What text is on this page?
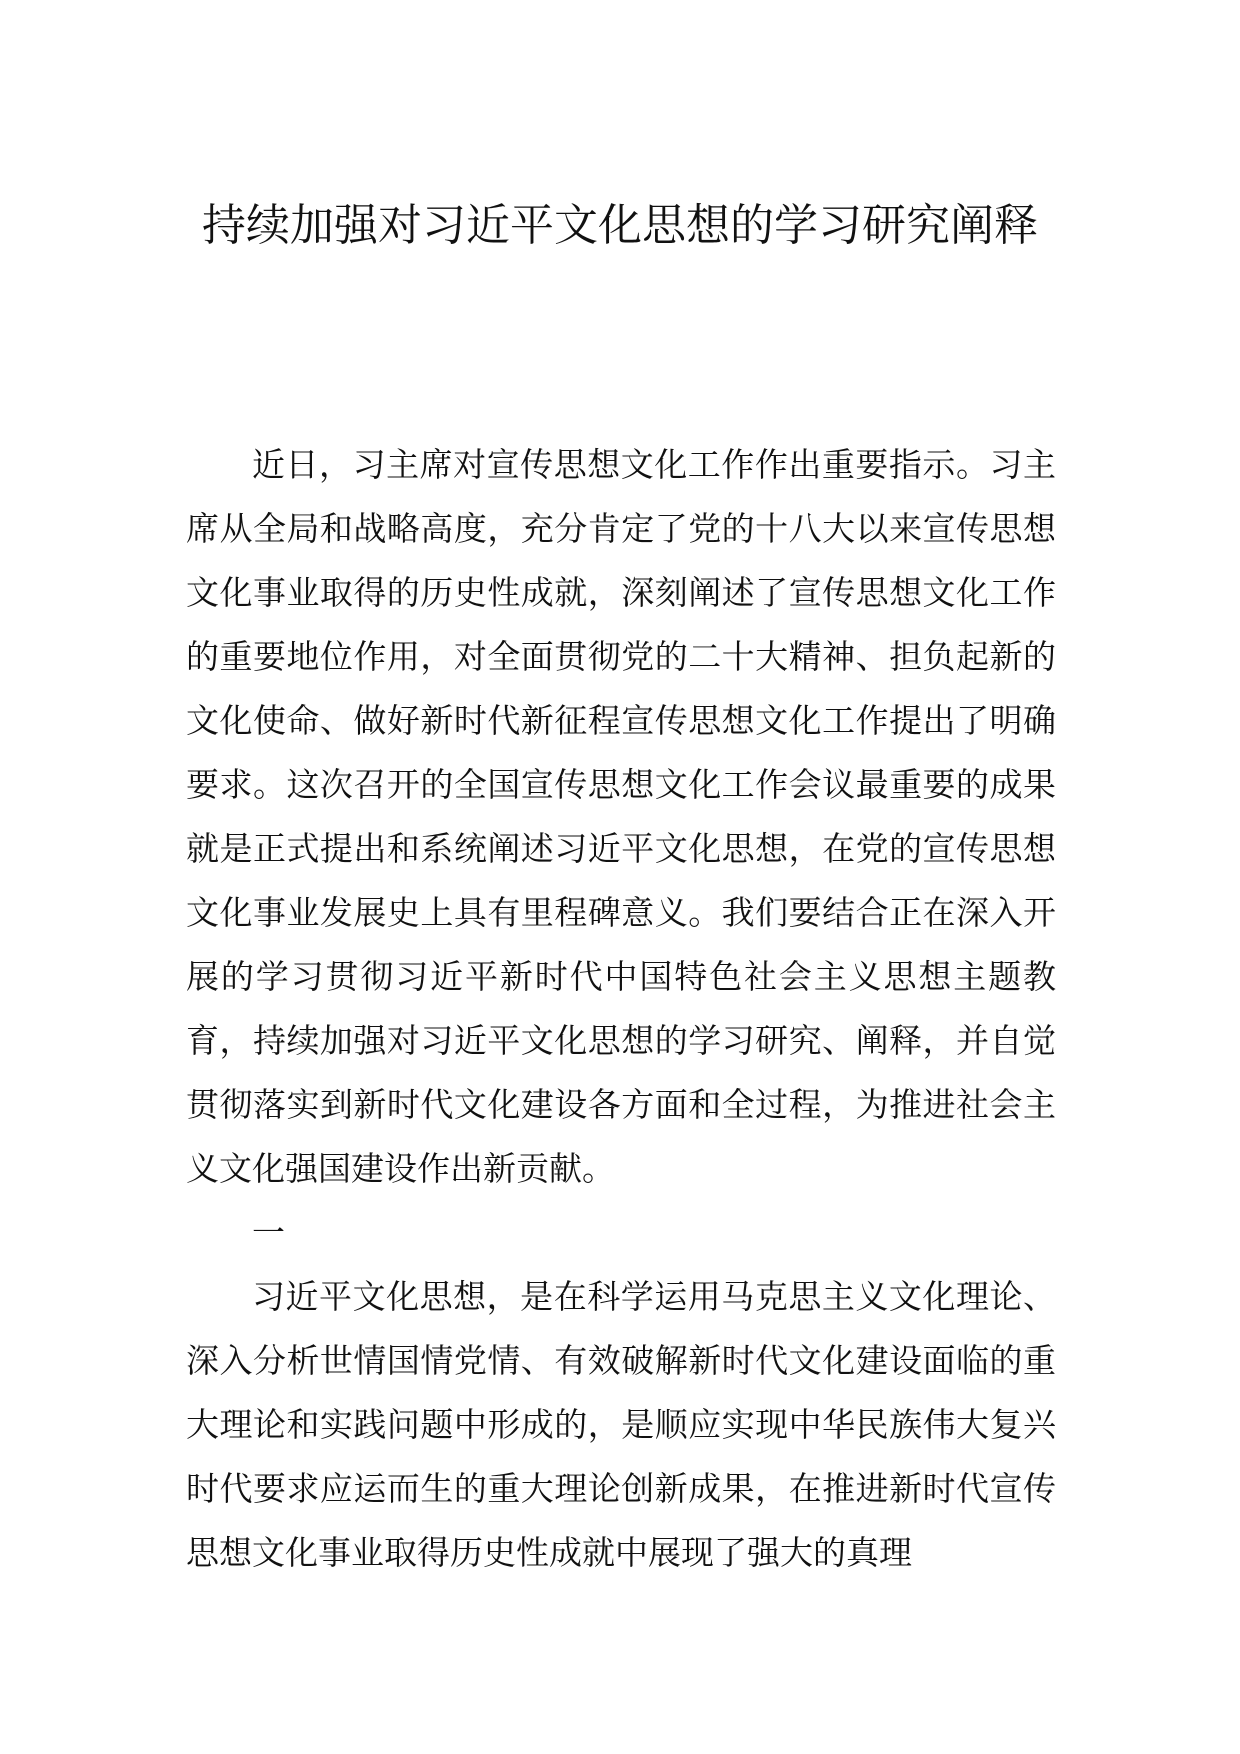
持续加强对习近平文化思想的学习研究阐释

近日，习主席对宣传思想文化工作作出重要指示。习主席从全局和战略高度，充分肯定了党的十八大以来宣传思想文化事业取得的历史性成就，深刻阐述了宣传思想文化工作的重要地位作用，对全面贯彻党的二十大精神、担负起新的文化使命、做好新时代新征程宣传思想文化工作提出了明确要求。这次召开的全国宣传思想文化工作会议最重要的成果就是正式提出和系统阐述习近平文化思想，在党的宣传思想文化事业发展史上具有里程碑意义。我们要结合正在深入开展的学习贯彻习近平新时代中国特色社会主义思想主题教育，持续加强对习近平文化思想的学习研究、阐释，并自觉贯彻落实到新时代文化建设各方面和全过程，为推进社会主义文化强国建设作出新贡献。

一

习近平文化思想，是在科学运用马克思主义文化理论、深入分析世情国情党情、有效破解新时代文化建设面临的重大理论和实践问题中形成的，是顺应实现中华民族伟大复兴时代要求应运而生的重大理论创新成果，在推进新时代宣传思想文化事业取得历史性成就中展现了强大的真理
